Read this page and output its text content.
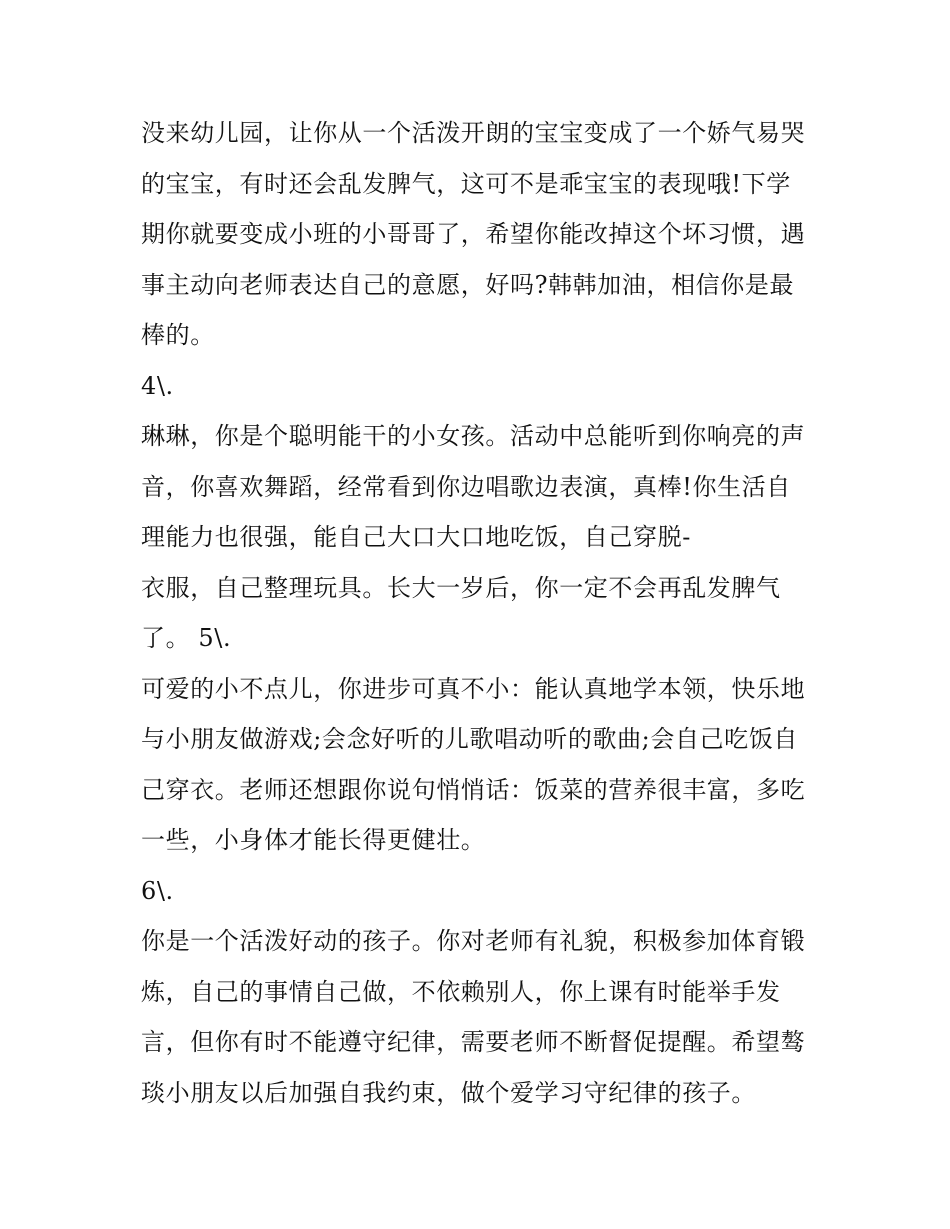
没来幼儿园，让你从一个活泼开朗的宝宝变成了一个娇气易哭
的宝宝，有时还会乱发脾气，这可不是乖宝宝的表现哦!下学
期你就要变成小班的小哥哥了，希望你能改掉这个坏习惯，遇
事主动向老师表达自己的意愿，好吗?韩韩加油，相信你是最
棒的。
4\.
琳琳，你是个聪明能干的小女孩。活动中总能听到你响亮的声
音，你喜欢舞蹈，经常看到你边唱歌边表演，真棒!你生活自
理能力也很强，能自己大口大口地吃饭，自己穿脱-
衣服，自己整理玩具。长大一岁后，你一定不会再乱发脾气
了。 5\.
可爱的小不点儿，你进步可真不小：能认真地学本领，快乐地
与小朋友做游戏;会念好听的儿歌唱动听的歌曲;会自己吃饭自
己穿衣。老师还想跟你说句悄悄话：饭菜的营养很丰富，多吃
一些，小身体才能长得更健壮。
6\.
你是一个活泼好动的孩子。你对老师有礼貌，积极参加体育锻
炼，自己的事情自己做，不依赖别人，你上课有时能举手发
言，但你有时不能遵守纪律，需要老师不断督促提醒。希望骜
琰小朋友以后加强自我约束，做个爱学习守纪律的孩子。
